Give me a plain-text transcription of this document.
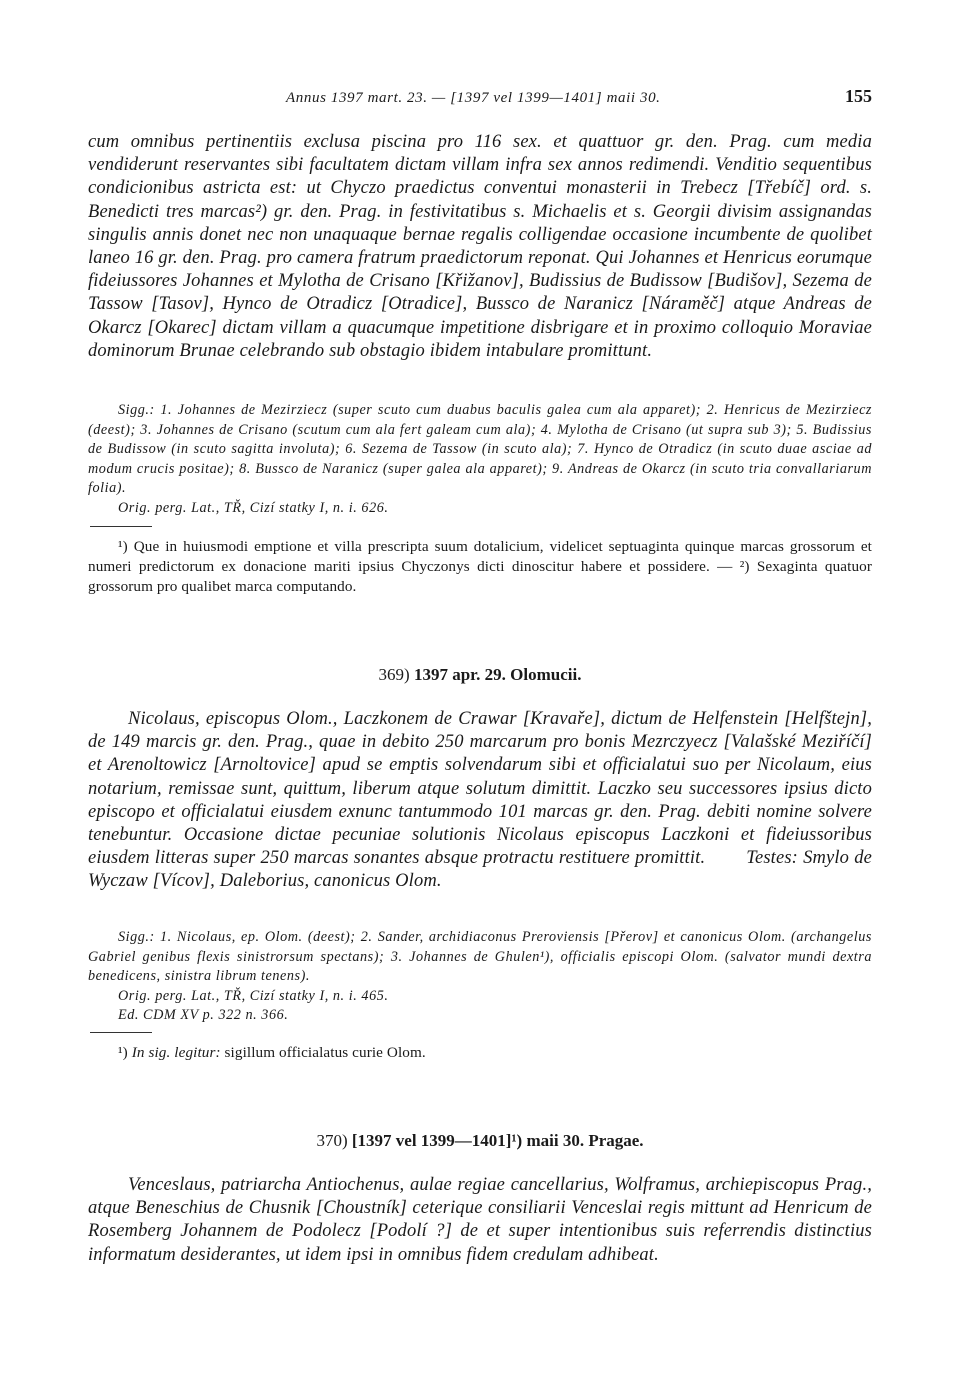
Annus 1397 mart. 23. — [1397 vel 1399—1401] maii 30.	155
cum omnibus pertinentiis exclusa piscina pro 116 sex. et quattuor gr. den. Prag. cum media vendiderunt reservantes sibi facultatem dictam villam infra sex annos redimendi. Venditio sequentibus condicionibus astricta est: ut Chyczo praedictus conventui monasterii in Trebecz [Třebíč] ord. s. Benedicti tres marcas²) gr. den. Prag. in festivitatibus s. Michaelis et s. Georgii divisim assignandas singulis annis donet nec non unaquaque bernae regalis colligendae occasione incumbente de quolibet laneo 16 gr. den. Prag. pro camera fratrum praedictorum reponat. Qui Johannes et Henricus eorumque fideiussores Johannes et Mylotha de Crisano [Křižanov], Budissius de Budissow [Budišov], Sezema de Tassow [Tasov], Hynco de Otradicz [Otradice], Bussco de Naranicz [Náraměč] atque Andreas de Okarcz [Okarec] dictam villam a quacumque impetitione disbrigare et in proximo colloquio Moraviae dominorum Brunae celebrando sub obstagio ibidem intabulare promittunt.

Sigg.: 1. Johannes de Mezirziecz (super scuto cum duabus baculis galea cum ala apparet); 2. Henricus de Mezirziecz (deest); 3. Johannes de Crisano (scutum cum ala fert galeam cum ala); 4. Mylotha de Crisano (ut supra sub 3); 5. Budissius de Budissow (in scuto sagitta involuta); 6. Sezema de Tassow (in scuto ala); 7. Hynco de Otradicz (in scuto duae asciae ad modum crucis positae); 8. Bussco de Naranicz (super galea ala apparet); 9. Andreas de Okarcz (in scuto tria convallariarum folia).

Orig. perg. Lat., TŘ, Cizí statky I, n. i. 626.

¹) Que in huiusmodi emptione et villa prescripta suum dotalicium, videlicet septuaginta quinque marcas grossorum et numeri predictorum ex donacione mariti ipsius Chyczonys dicti dinoscitur habere et possidere. — ²) Sexaginta quatuor grossorum pro qualibet marca computando.

369) 1397 apr. 29. Olomucii.
Nicolaus, episcopus Olom., Laczkonem de Crawar [Kravaře], dictum de Helfenstein [Helfštejn], de 149 marcis gr. den. Prag., quae in debito 250 marcarum pro bonis Mezrczyecz [Valašské Meziříčí] et Arenoltowicz [Arnoltovice] apud se emptis solvendarum sibi et officialatui suo per Nicolaum, eius notarium, remissae sunt, quittum, liberum atque solutum dimittit. Laczko seu successores ipsius dicto episcopo et officialatui eiusdem exnunc tantummodo 101 marcas gr. den. Prag. debiti nomine solvere tenebuntur. Occasione dictae pecuniae solutionis Nicolaus episcopus Laczkoni et fideiussoribus eiusdem litteras super 250 marcas sonantes absque protractu restituere promittit. Testes: Smylo de Wyczaw [Vícov], Daleborius, canonicus Olom.

Sigg.: 1. Nicolaus, ep. Olom. (deest); 2. Sander, archidiaconus Preroviensis [Přerov] et canonicus Olom. (archangelus Gabriel genibus flexis sinistrorsum spectans); 3. Johannes de Ghulen¹), officialis episcopi Olom. (salvator mundi dextra benedicens, sinistra librum tenens).

Orig. perg. Lat., TŘ, Cizí statky I, n. i. 465.

Ed. CDM XV p. 322 n. 366.

¹) In sig. legitur: sigillum officialatus curie Olom.

370) [1397 vel 1399—1401]¹) maii 30. Pragae.
Venceslaus, patriarcha Antiochenus, aulae regiae cancellarius, Wolframus, archiepiscopus Prag., atque Beneschius de Chusnik [Choustník] ceterique consiliarii Venceslai regis mittunt ad Henricum de Rosemberg Johannem de Podolecz [Podolí ?] de et super intentionibus suis referrendis distinctius informatum desiderantes, ut idem ipsi in omnibus fidem credulam adhibeat.
